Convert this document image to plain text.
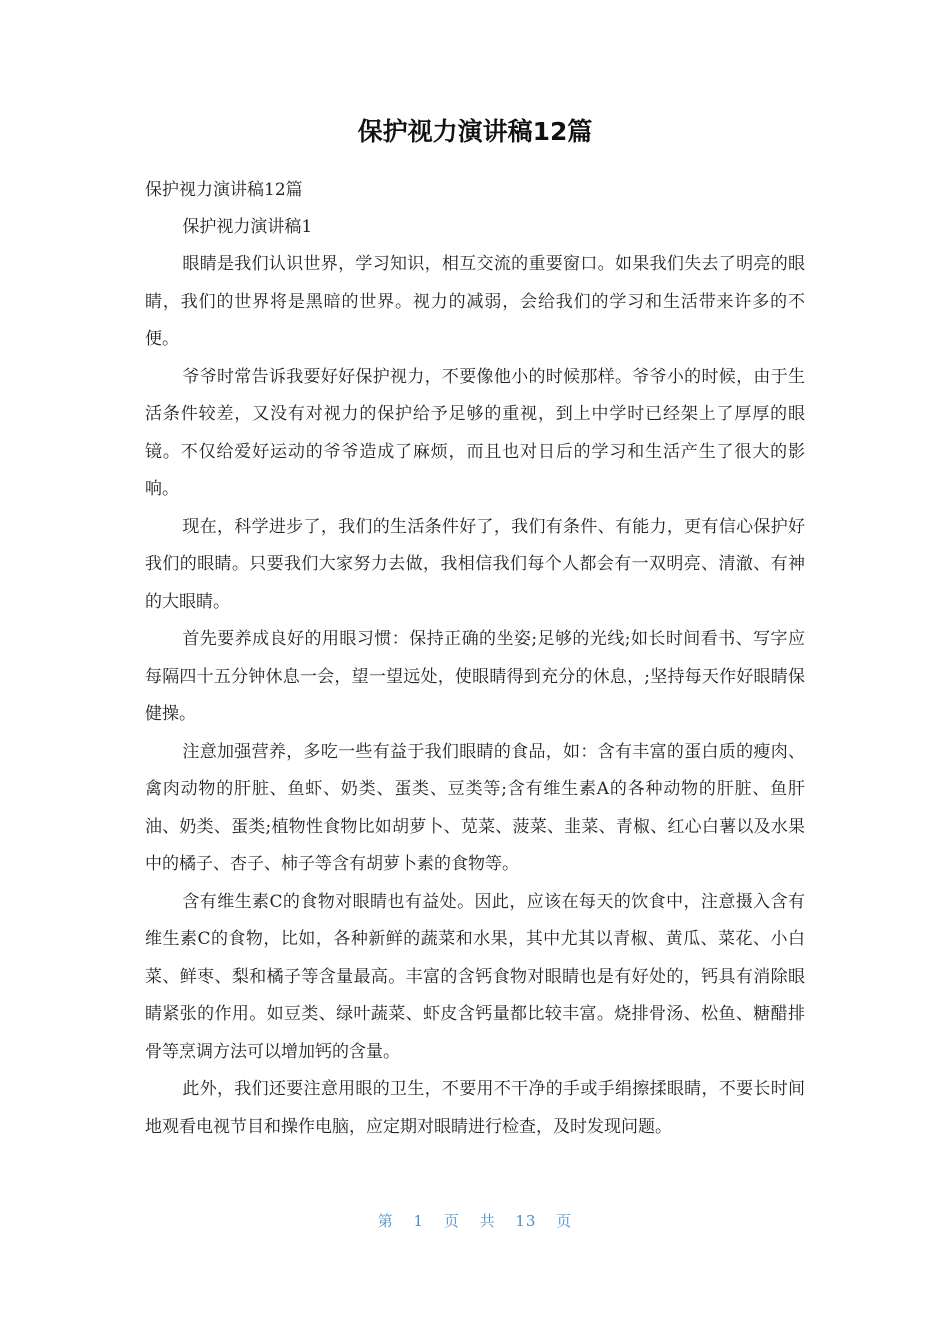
保护视力演讲稿12篇

保护视力演讲稿12篇

保护视力演讲稿1

眼睛是我们认识世界，学习知识，相互交流的重要窗口。如果我们失去了明亮的眼睛，我们的世界将是黑暗的世界。视力的减弱，会给我们的学习和生活带来许多的不便。

爷爷时常告诉我要好好保护视力，不要像他小的时候那样。爷爷小的时候，由于生活条件较差，又没有对视力的保护给予足够的重视，到上中学时已经架上了厚厚的眼镜。不仅给爱好运动的爷爷造成了麻烦，而且也对日后的学习和生活产生了很大的影响。

现在，科学进步了，我们的生活条件好了，我们有条件、有能力，更有信心保护好我们的眼睛。只要我们大家努力去做，我相信我们每个人都会有一双明亮、清澈、有神的大眼睛。

首先要养成良好的用眼习惯：保持正确的坐姿;足够的光线;如长时间看书、写字应每隔四十五分钟休息一会，望一望远处，使眼睛得到充分的休息，;坚持每天作好眼睛保健操。

注意加强营养，多吃一些有益于我们眼睛的食品，如：含有丰富的蛋白质的瘦肉、禽肉动物的肝脏、鱼虾、奶类、蛋类、豆类等;含有维生素A的各种动物的肝脏、鱼肝油、奶类、蛋类;植物性食物比如胡萝卜、苋菜、菠菜、韭菜、青椒、红心白薯以及水果中的橘子、杏子、柿子等含有胡萝卜素的食物等。

含有维生素C的食物对眼睛也有益处。因此，应该在每天的饮食中，注意摄入含有维生素C的食物，比如，各种新鲜的蔬菜和水果，其中尤其以青椒、黄瓜、菜花、小白菜、鲜枣、梨和橘子等含量最高。丰富的含钙食物对眼睛也是有好处的，钙具有消除眼睛紧张的作用。如豆类、绿叶蔬菜、虾皮含钙量都比较丰富。烧排骨汤、松鱼、糖醋排骨等烹调方法可以增加钙的含量。

此外，我们还要注意用眼的卫生，不要用不干净的手或手绢擦揉眼睛，不要长时间地观看电视节目和操作电脑，应定期对眼睛进行检查，及时发现问题。

第 1 页 共 13 页
